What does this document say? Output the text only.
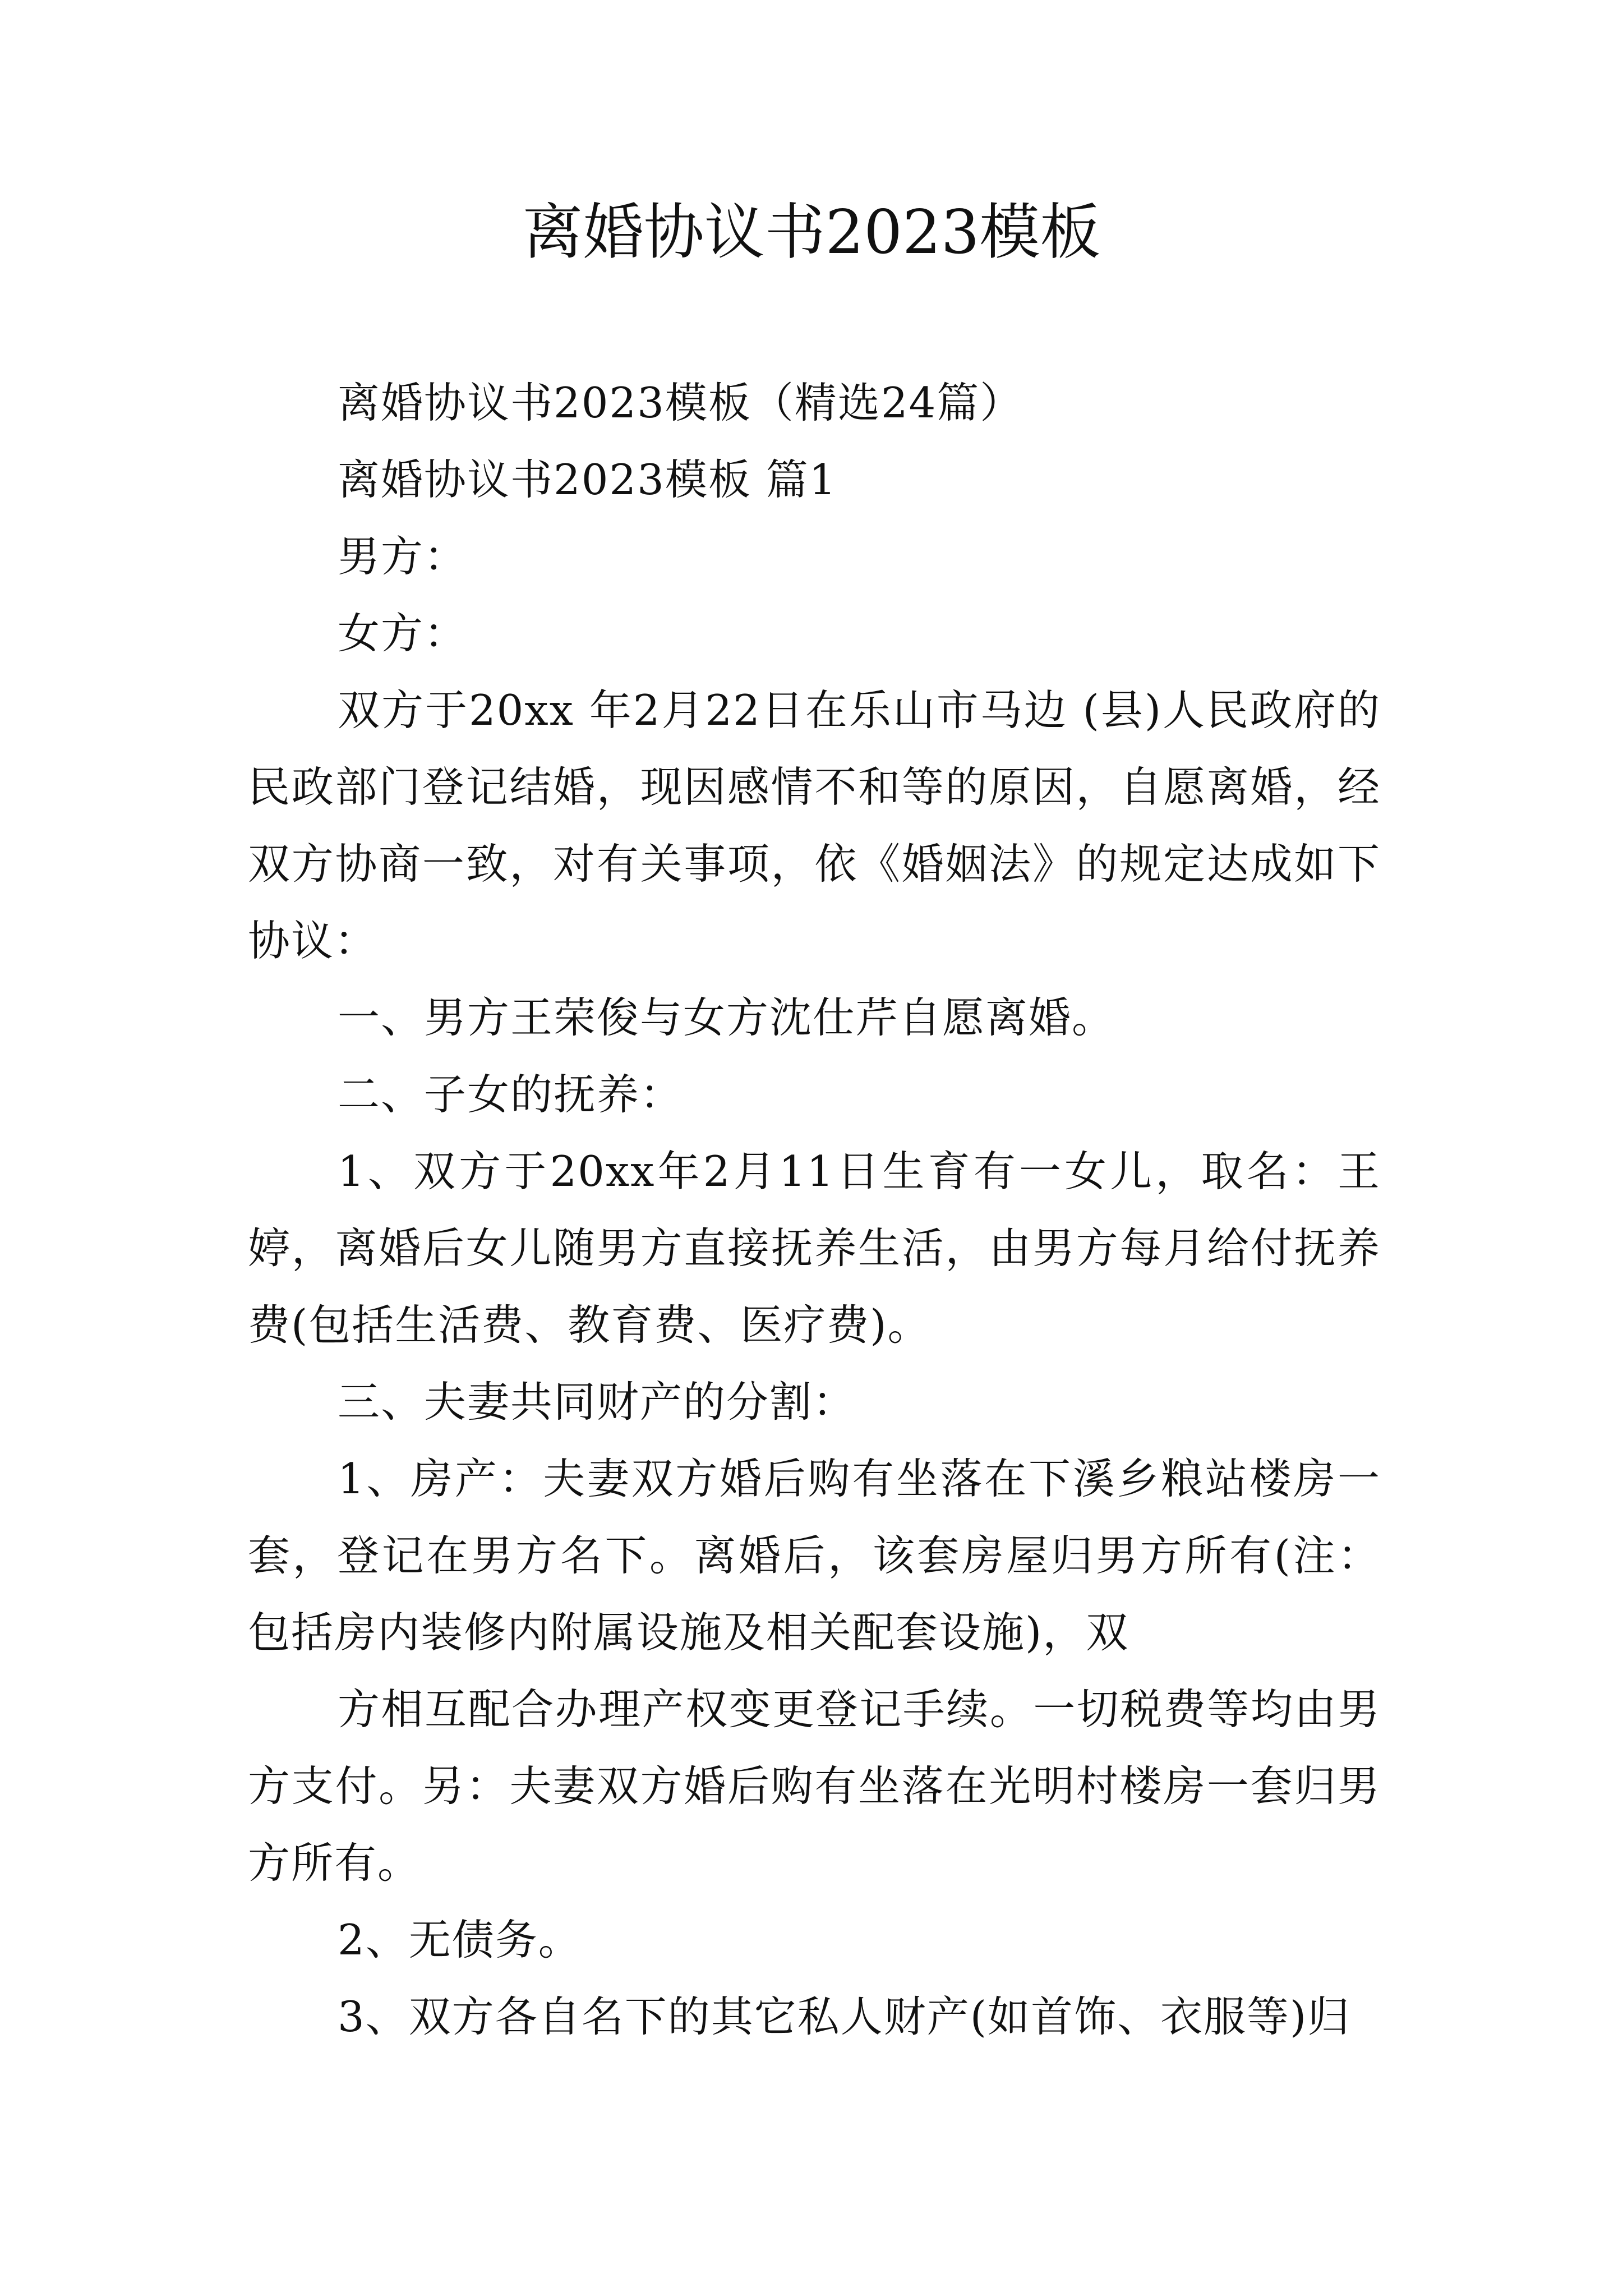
离婚协议书2023模板

离婚协议书2023模板（精选24篇）

离婚协议书2023模板 篇1

男方：

女方：

双方于20xx 年2月22日在乐山市马边 (县)人民政府的民政部门登记结婚，现因感情不和等的原因，自愿离婚，经双方协商一致，对有关事项，依《婚姻法》的规定达成如下协议：

一、男方王荣俊与女方沈仕芹自愿离婚。

二、子女的抚养：

1、双方于20xx年2月11日生育有一女儿，取名：王婷，离婚后女儿随男方直接抚养生活，由男方每月给付抚养费(包括生活费、教育费、医疗费)。

三、夫妻共同财产的分割：

1、房产：夫妻双方婚后购有坐落在下溪乡粮站楼房一套，登记在男方名下。离婚后，该套房屋归男方所有(注：包括房内装修内附属设施及相关配套设施)，双

方相互配合办理产权变更登记手续。一切税费等均由男方支付。另：夫妻双方婚后购有坐落在光明村楼房一套归男方所有。

2、无债务。

3、双方各自名下的其它私人财产(如首饰、衣服等)归
